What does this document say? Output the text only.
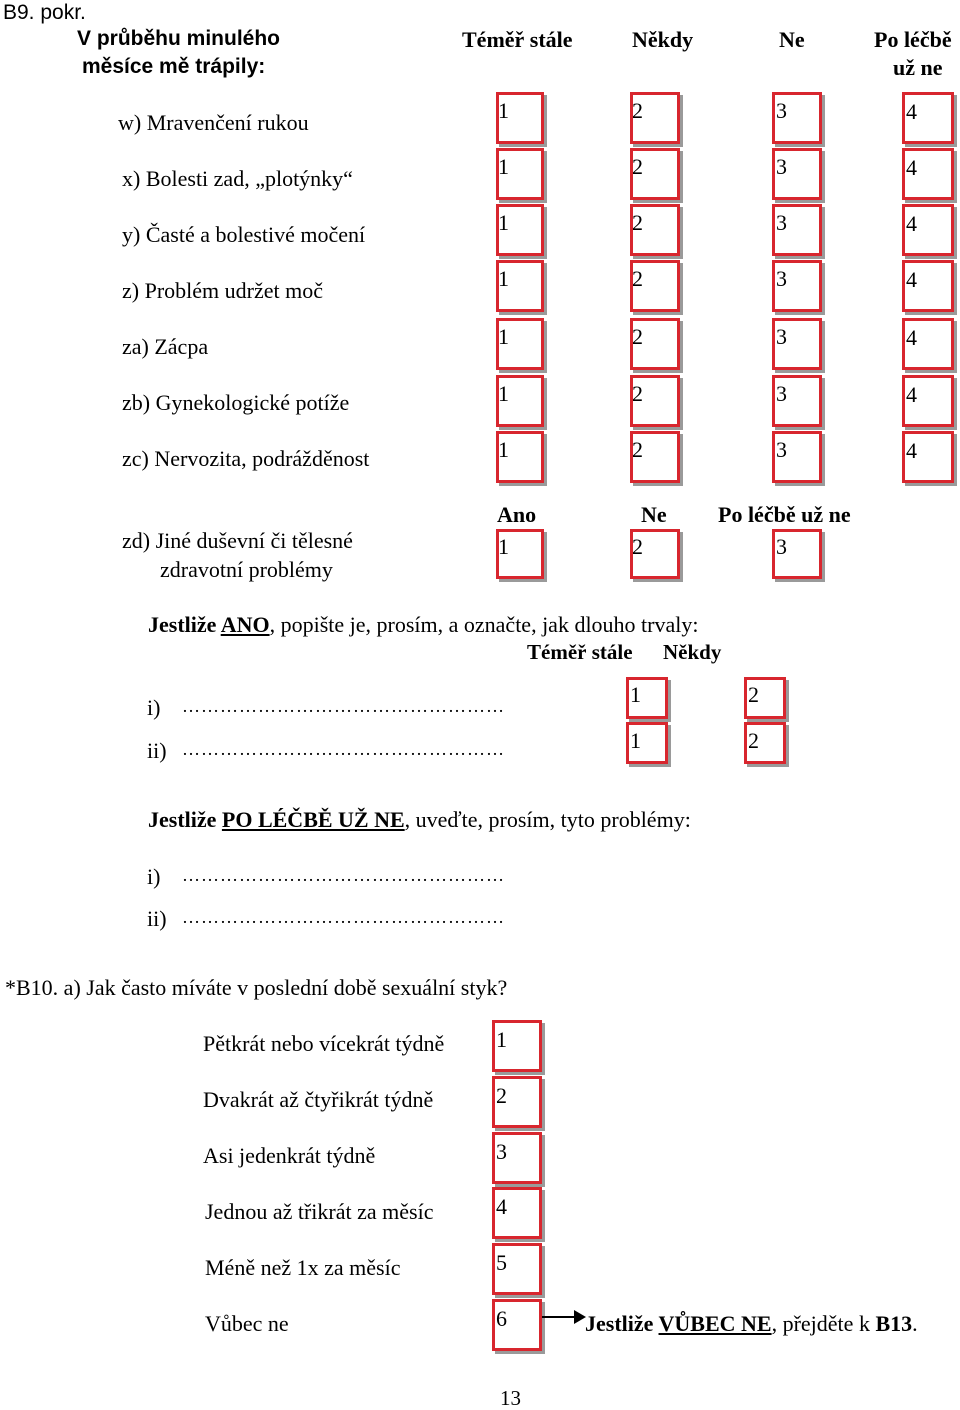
B9. pokr.
V průběhu minulého
měsíce mě trápily:
Téměř stále	Někdy	Ne	Po léčbě
už ne
w) Mravenčení rukou	1	2	3	4
x) Bolesti zad, „plotýnky“	1	2	3	4
y) Časté a bolestivé močení	1	2	3	4
z) Problém udržet moč	1	2	3	4
za) Zácpa	1	2	3	4
zb) Gynekologické potíže	1	2	3	4
zc) Nervozita, podrážděnost	1	2	3	4
zd) Jiné duševní či tělesné
zdravotní problémy
Ano	Ne Po léčbě už ne
1	2	3
Jestliže ANO, popište je, prosím, a označte, jak dlouho trvaly:
Téměř stále Někdy
i) ……………………………………………	1	2
ii) ……………………………………………	1	2
Jestliže PO LÉČBĚ UŽ NE, uveďte, prosím, tyto problémy:
i) ……………………………………………
ii) ……………………………………………
*B10. a) Jak často míváte v poslední době sexuální styk?
Pětkrát nebo vícekrát týdně 1
Dvakrát až čtyřikrát týdně	2
Asi jedenkrát týdně	3
Jednou až třikrát za měsíc	4
Méně než 1x za měsíc	5
Vůbec ne	6	Jestliže VŮBEC NE, přejděte k B13.
13
